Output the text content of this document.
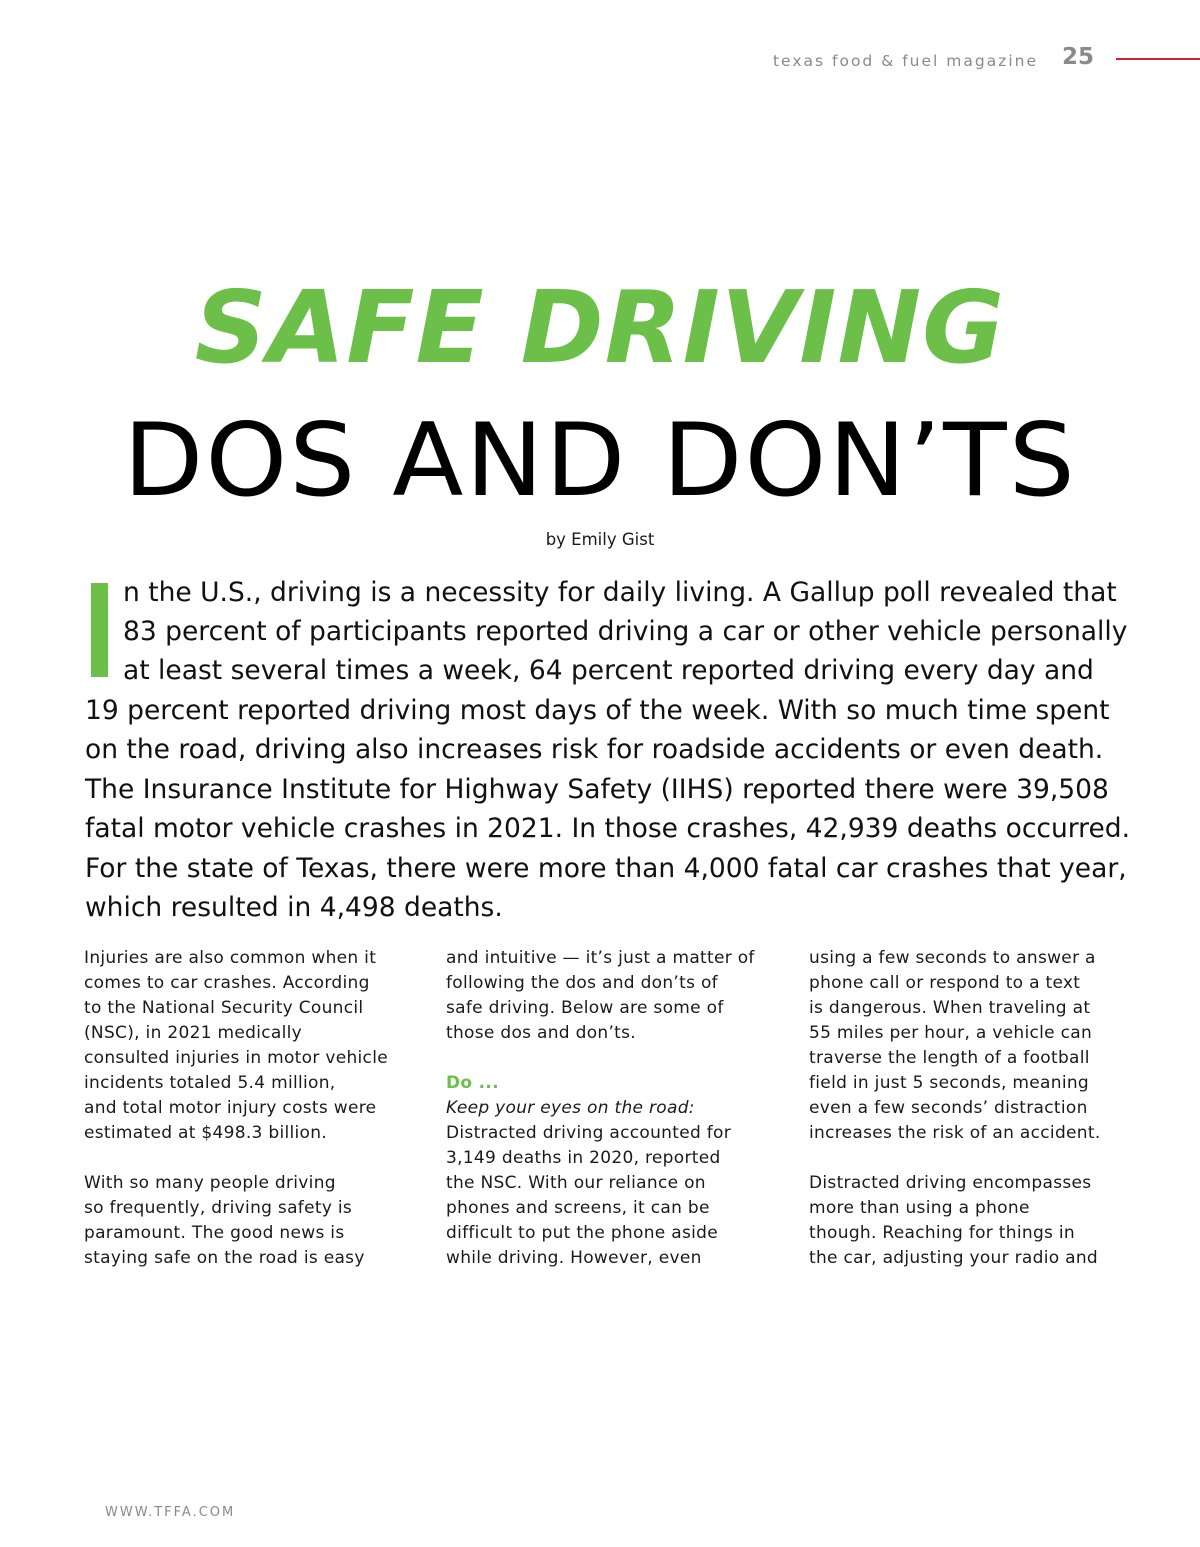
texas food & fuel magazine 25
SAFE DRIVING
DOS AND DON’TS
by Emily Gist
n the U.S., driving is a necessity for daily living. A Gallup poll revealed that
83 percent of participants reported driving a car or other vehicle personally
at least several times a week, 64 percent reported driving every day and
19 percent reported driving most days of the week. With so much time spent
on the road, driving also increases risk for roadside accidents or even death.
The Insurance Institute for Highway Safety (IIHS) reported there were 39,508
fatal motor vehicle crashes in 2021. In those crashes, 42,939 deaths occurred.
For the state of Texas, there were more than 4,000 fatal car crashes that year,
which resulted in 4,498 deaths.
Injuries are also common when it
comes to car crashes. According
to the National Security Council
(NSC), in 2021 medically
consulted injuries in motor vehicle
incidents totaled 5.4 million,
and total motor injury costs were
estimated at $498.3 billion.
With so many people driving
so frequently, driving safety is
paramount. The good news is
staying safe on the road is easy
and intuitive — it’s just a matter of
following the dos and don’ts of
safe driving. Below are some of
those dos and don’ts.
Do ...
Keep your eyes on the road:
Distracted driving accounted for
3,149 deaths in 2020, reported
the NSC. With our reliance on
phones and screens, it can be
difficult to put the phone aside
while driving. However, even
using a few seconds to answer a
phone call or respond to a text
is dangerous. When traveling at
55 miles per hour, a vehicle can
traverse the length of a football
field in just 5 seconds, meaning
even a few seconds’ distraction
increases the risk of an accident.
Distracted driving encompasses
more than using a phone
though. Reaching for things in
the car, adjusting your radio and
WWW.TFFA.COM
